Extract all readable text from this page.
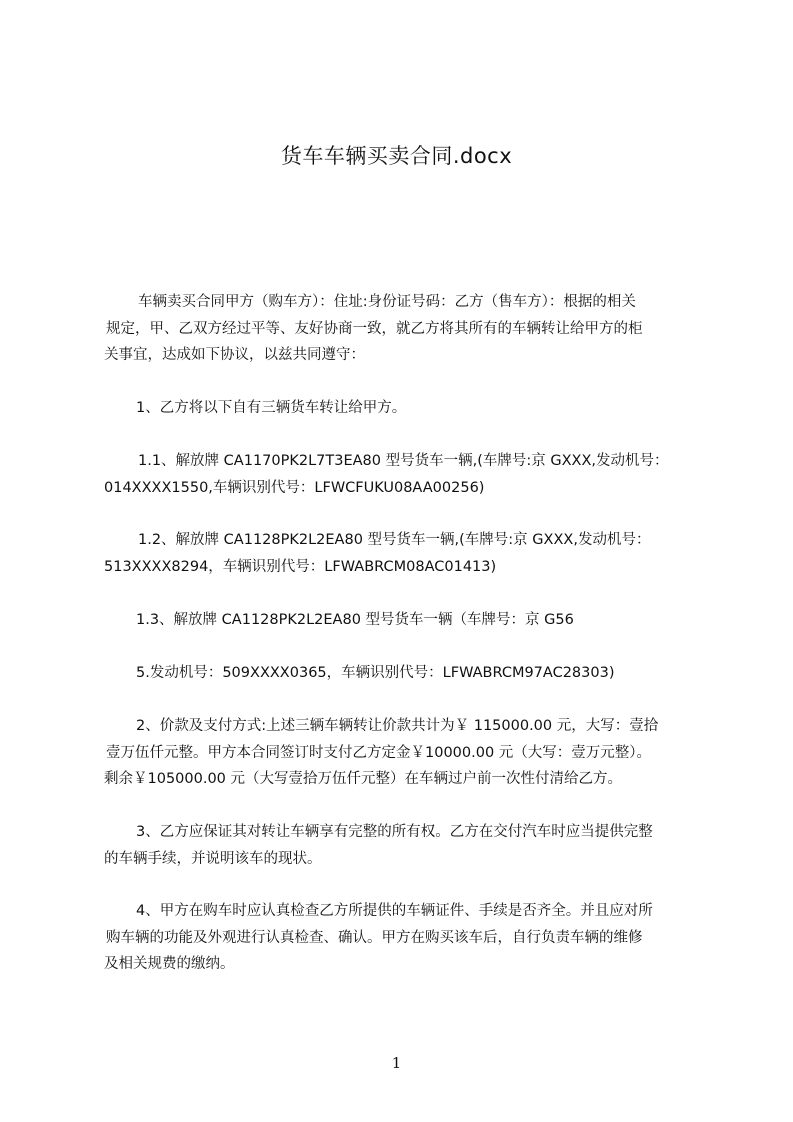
货车车辆买卖合同.docx
车辆卖买合同甲方（购车方）：住址:身份证号码：乙方（售车方）：根据的相关
规定，甲、乙双方经过平等、友好协商一致，就乙方将其所有的车辆转让给甲方的柜
关事宜，达成如下协议，以兹共同遵守：
1、乙方将以下自有三辆货车转让给甲方。
1.1、解放牌 CA1170PK2L7T3EA80 型号货车一辆,(车牌号:京 GXXX,发动机号：
014XXXX1550,车辆识别代号：LFWCFUKU08AA00256)
1.2、解放牌 CA1128PK2L2EA80 型号货车一辆,(车牌号:京 GXXX,发动机号：
513XXXX8294，车辆识别代号：LFWABRCM08AC01413)
1.3、解放牌 CA1128PK2L2EA80 型号货车一辆（车牌号：京 G56
5.发动机号：509XXXX0365，车辆识别代号：LFWABRCM97AC28303)
2、价款及支付方式:上述三辆车辆转让价款共计为￥ 115000.00 元，大写：壹拾
壹万伍仟元整。甲方本合同签订时支付乙方定金￥10000.00 元（大写：壹万元整）。
剩余￥105000.00 元（大写壹拾万伍仟元整）在车辆过户前一次性付清给乙方。
3、乙方应保证其对转让车辆享有完整的所有权。乙方在交付汽车时应当提供完整
的车辆手续，并说明该车的现状。
4、甲方在购车时应认真检查乙方所提供的车辆证件、手续是否齐全。并且应对所
购车辆的功能及外观进行认真检查、确认。甲方在购买该车后，自行负责车辆的维修
及相关规费的缴纳。
1
